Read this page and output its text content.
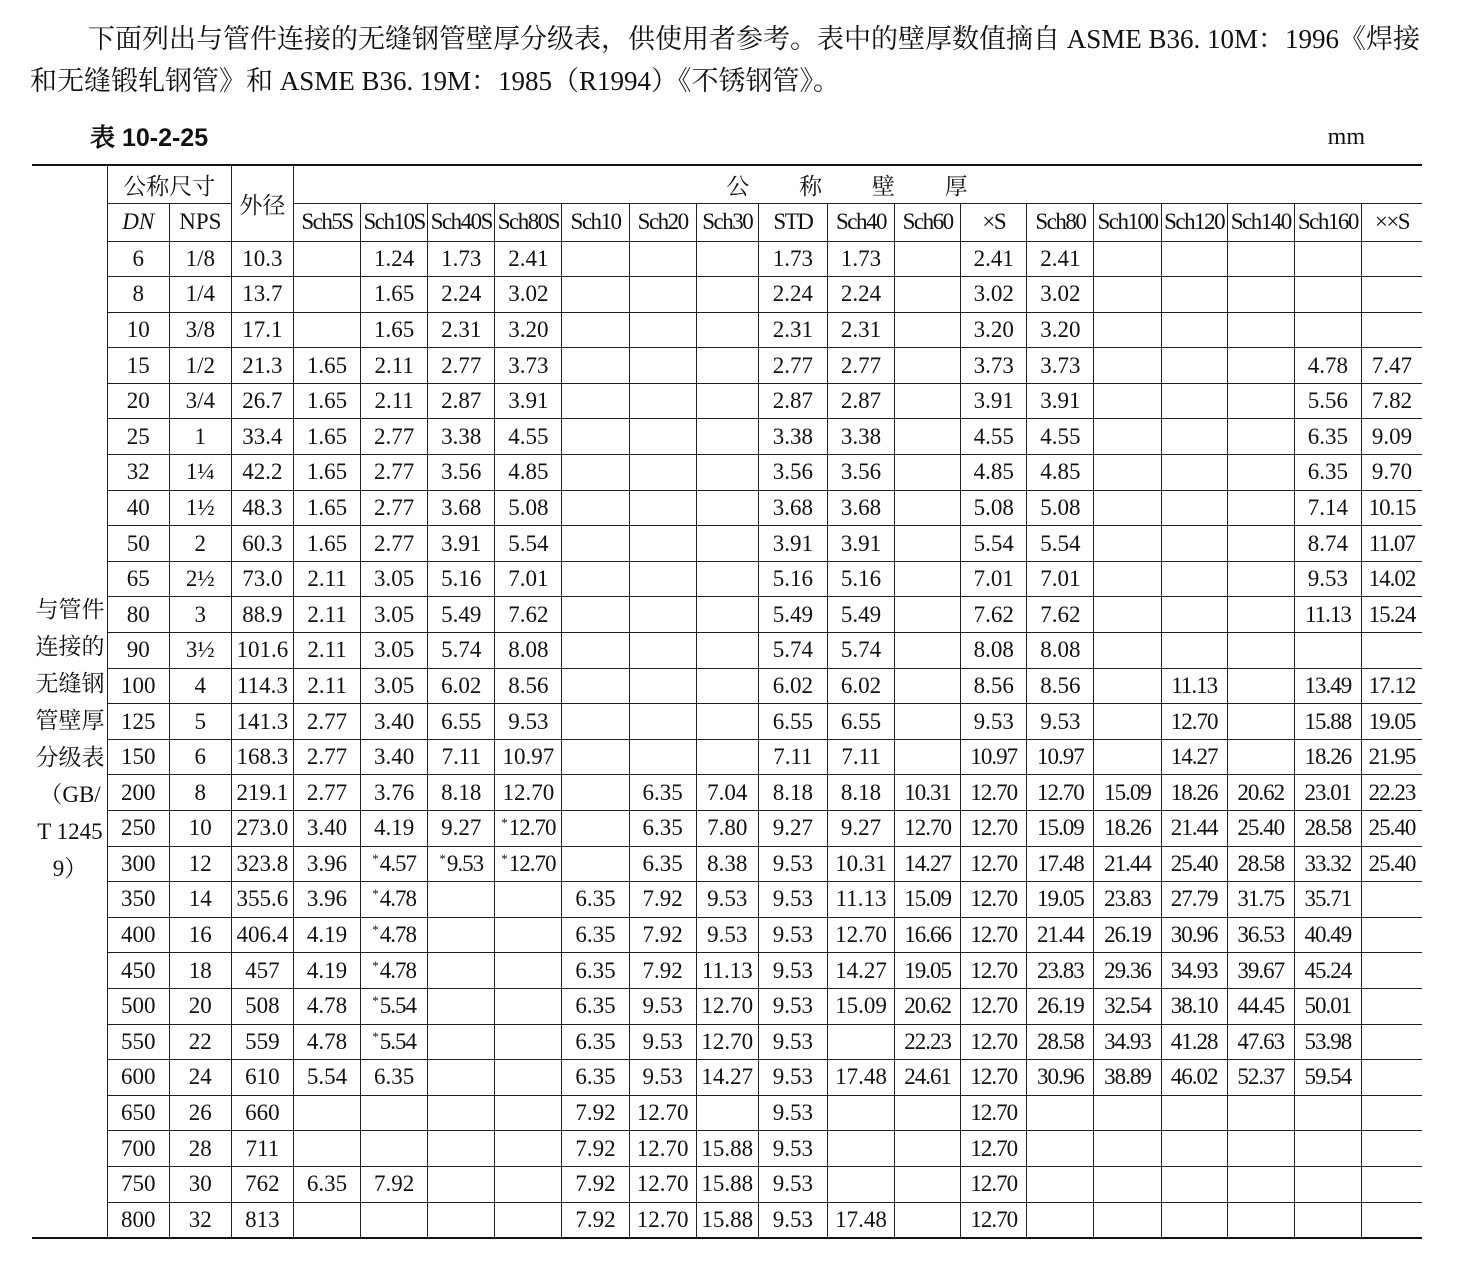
下面列出与管件连接的无缝钢管壁厚分级表，供使用者参考。表中的壁厚数值摘自 ASME B36. 10M：1996《焊接和无缝锻轧钢管》和 ASME B36. 19M：1985（R1994）《不锈钢管》。

表 10-2-25	mm
	公称尺寸		外径	公 称 壁 厚																
	DN	NPS		Sch5S	Sch10S	Sch40S	Sch80S	Sch10	Sch20	Sch30	STD	Sch40	Sch60	×S	Sch80	Sch100	Sch120	Sch140	Sch160	××S

与管件连接的无缝钢管壁厚分级表（GB/T 12459）	6	1/8	10.3		1.24	1.73	2.41				1.73	1.73		2.41	2.41					
	8	1/4	13.7		1.65	2.24	3.02				2.24	2.24		3.02	3.02					
	10	3/8	17.1		1.65	2.31	3.20				2.31	2.31		3.20	3.20					
	15	1/2	21.3	1.65	2.11	2.77	3.73				2.77	2.77		3.73	3.73				4.78	7.47
	20	3/4	26.7	1.65	2.11	2.87	3.91				2.87	2.87		3.91	3.91				5.56	7.82
	25	1	33.4	1.65	2.77	3.38	4.55				3.38	3.38		4.55	4.55				6.35	9.09
	32	1¼	42.2	1.65	2.77	3.56	4.85				3.56	3.56		4.85	4.85				6.35	9.70
	40	1½	48.3	1.65	2.77	3.68	5.08				3.68	3.68		5.08	5.08				7.14	10.15
	50	2	60.3	1.65	2.77	3.91	5.54				3.91	3.91		5.54	5.54				8.74	11.07
	65	2½	73.0	2.11	3.05	5.16	7.01				5.16	5.16		7.01	7.01				9.53	14.02
	80	3	88.9	2.11	3.05	5.49	7.62				5.49	5.49		7.62	7.62				11.13	15.24
	90	3½	101.6	2.11	3.05	5.74	8.08				5.74	5.74		8.08	8.08					
	100	4	114.3	2.11	3.05	6.02	8.56				6.02	6.02		8.56	8.56		11.13		13.49	17.12
	125	5	141.3	2.77	3.40	6.55	9.53				6.55	6.55		9.53	9.53		12.70		15.88	19.05
	150	6	168.3	2.77	3.40	7.11	10.97				7.11	7.11		10.97	10.97		14.27		18.26	21.95
	200	8	219.1	2.77	3.76	8.18	12.70		6.35	7.04	8.18	8.18	10.31	12.70	12.70	15.09	18.26	20.62	23.01	22.23
	250	10	273.0	3.40	4.19	9.27	*12.70		6.35	7.80	9.27	9.27	12.70	12.70	15.09	18.26	21.44	25.40	28.58	25.40
	300	12	323.8	3.96	*4.57	*9.53	*12.70		6.35	8.38	9.53	10.31	14.27	12.70	17.48	21.44	25.40	28.58	33.32	25.40
	350	14	355.6	3.96	*4.78			6.35	7.92	9.53	9.53	11.13	15.09	12.70	19.05	23.83	27.79	31.75	35.71	
	400	16	406.4	4.19	*4.78			6.35	7.92	9.53	9.53	12.70	16.66	12.70	21.44	26.19	30.96	36.53	40.49	
	450	18	457	4.19	*4.78			6.35	7.92	11.13	9.53	14.27	19.05	12.70	23.83	29.36	34.93	39.67	45.24	
	500	20	508	4.78	*5.54			6.35	9.53	12.70	9.53	15.09	20.62	12.70	26.19	32.54	38.10	44.45	50.01	
	550	22	559	4.78	*5.54			6.35	9.53	12.70	9.53		22.23	12.70	28.58	34.93	41.28	47.63	53.98	
	600	24	610	5.54	6.35			6.35	9.53	14.27	9.53	17.48	24.61	12.70	30.96	38.89	46.02	52.37	59.54	
	650	26	660					7.92	12.70		9.53			12.70						
	700	28	711					7.92	12.70	15.88	9.53			12.70						
	750	30	762	6.35	7.92			7.92	12.70	15.88	9.53			12.70						
	800	32	813					7.92	12.70	15.88	9.53	17.48		12.70						
